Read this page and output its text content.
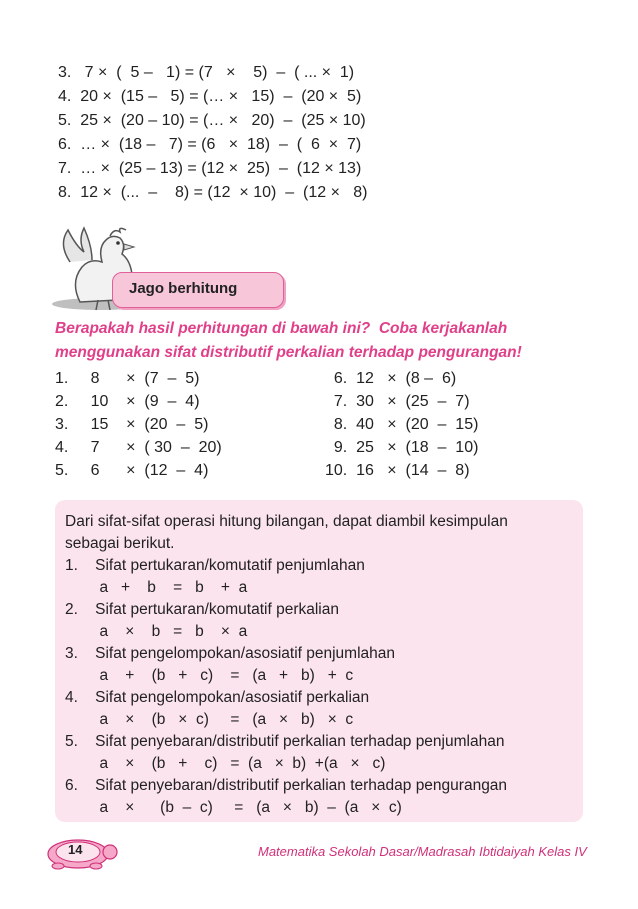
3.   7 ×  (  5 –   1) = (7   ×    5)  –  ( ... ×  1)
4.  20 ×  (15 –   5) = (… ×   15)  –  (20 ×  5)
5.  25 ×  (20 – 10) = (… ×   20)  –  (25 × 10)
6.  … ×  (18 –   7) = (6   ×  18)  –  (  6  ×  7)
7.  … ×  (25 – 13) = (12 ×  25)  –  (12 × 13)
8.  12 ×  (...  –    8) = (12  × 10)  –  (12 ×   8)
Jago berhitung
Berapakah hasil perhitungan di bawah ini?  Coba kerjakanlah
menggunakan sifat distributif perkalian terhadap pengurangan!
1.     8      ×  (7  –  5)
2.     10    ×  (9  –  4)
3.     15    ×  (20  –  5)
4.     7      ×  ( 30  –  20)
5.     6      ×  (12  –  4)
6.  12   ×  (8 –  6)
7.  30   ×  (25  –  7)
8.  40   ×  (20  –  15)
9.  25   ×  (18  –  10)
10.  16   ×  (14  –  8)
Dari sifat-sifat operasi hitung bilangan, dapat diambil kesimpulan
sebagai berikut.
1.    Sifat pertukaran/komutatif penjumlahan
a   +    b    =   b    +  a
2.    Sifat pertukaran/komutatif perkalian
a    ×    b   =   b    ×  a
3.    Sifat pengelompokan/asosiatif penjumlahan
a    +    (b   +   c)    =   (a   +   b)   +  c
4.    Sifat pengelompokan/asosiatif perkalian
a    ×    (b   ×  c)     =   (a   ×   b)   ×  c
5.    Sifat penyebaran/distributif perkalian terhadap penjumlahan
a    ×    (b   +    c)   =  (a   ×  b)  +(a   ×   c)
6.    Sifat penyebaran/distributif perkalian terhadap pengurangan
a    ×      (b  –  c)     =   (a   ×   b)  –  (a   ×  c)
14	Matematika Sekolah Dasar/Madrasah Ibtidaiyah Kelas IV
